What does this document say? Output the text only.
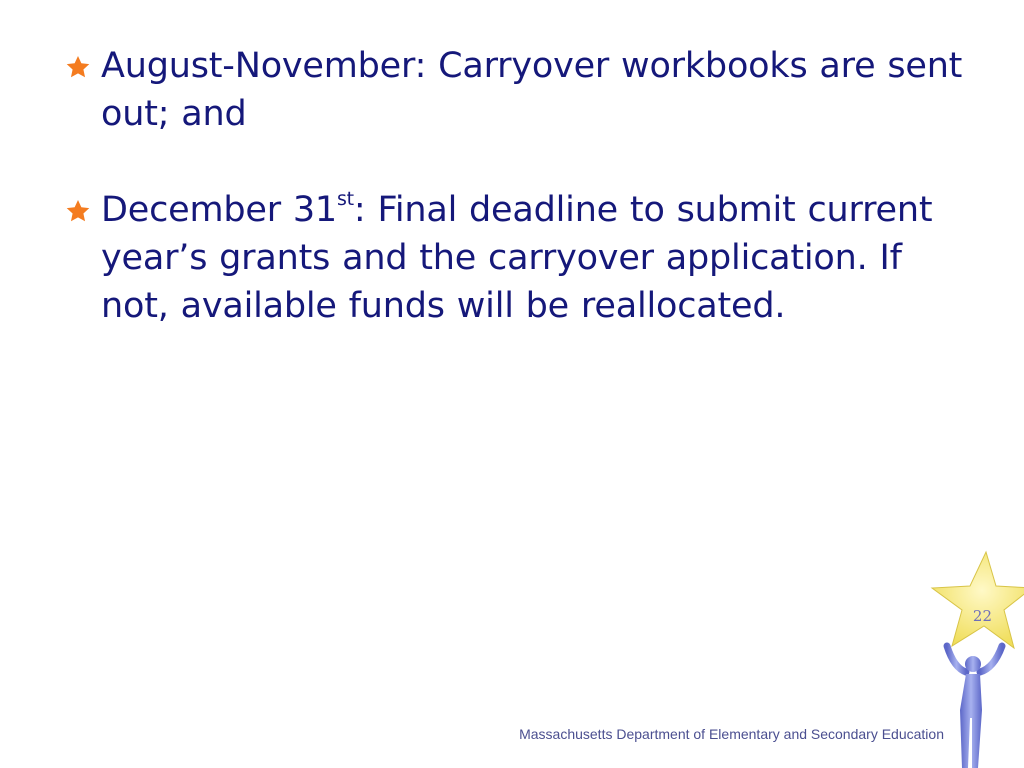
August-November: Carryover workbooks are sent out; and
December 31st: Final deadline to submit current year’s grants and the carryover application. If not, available funds will be reallocated.
Massachusetts Department of Elementary and Secondary Education
22
